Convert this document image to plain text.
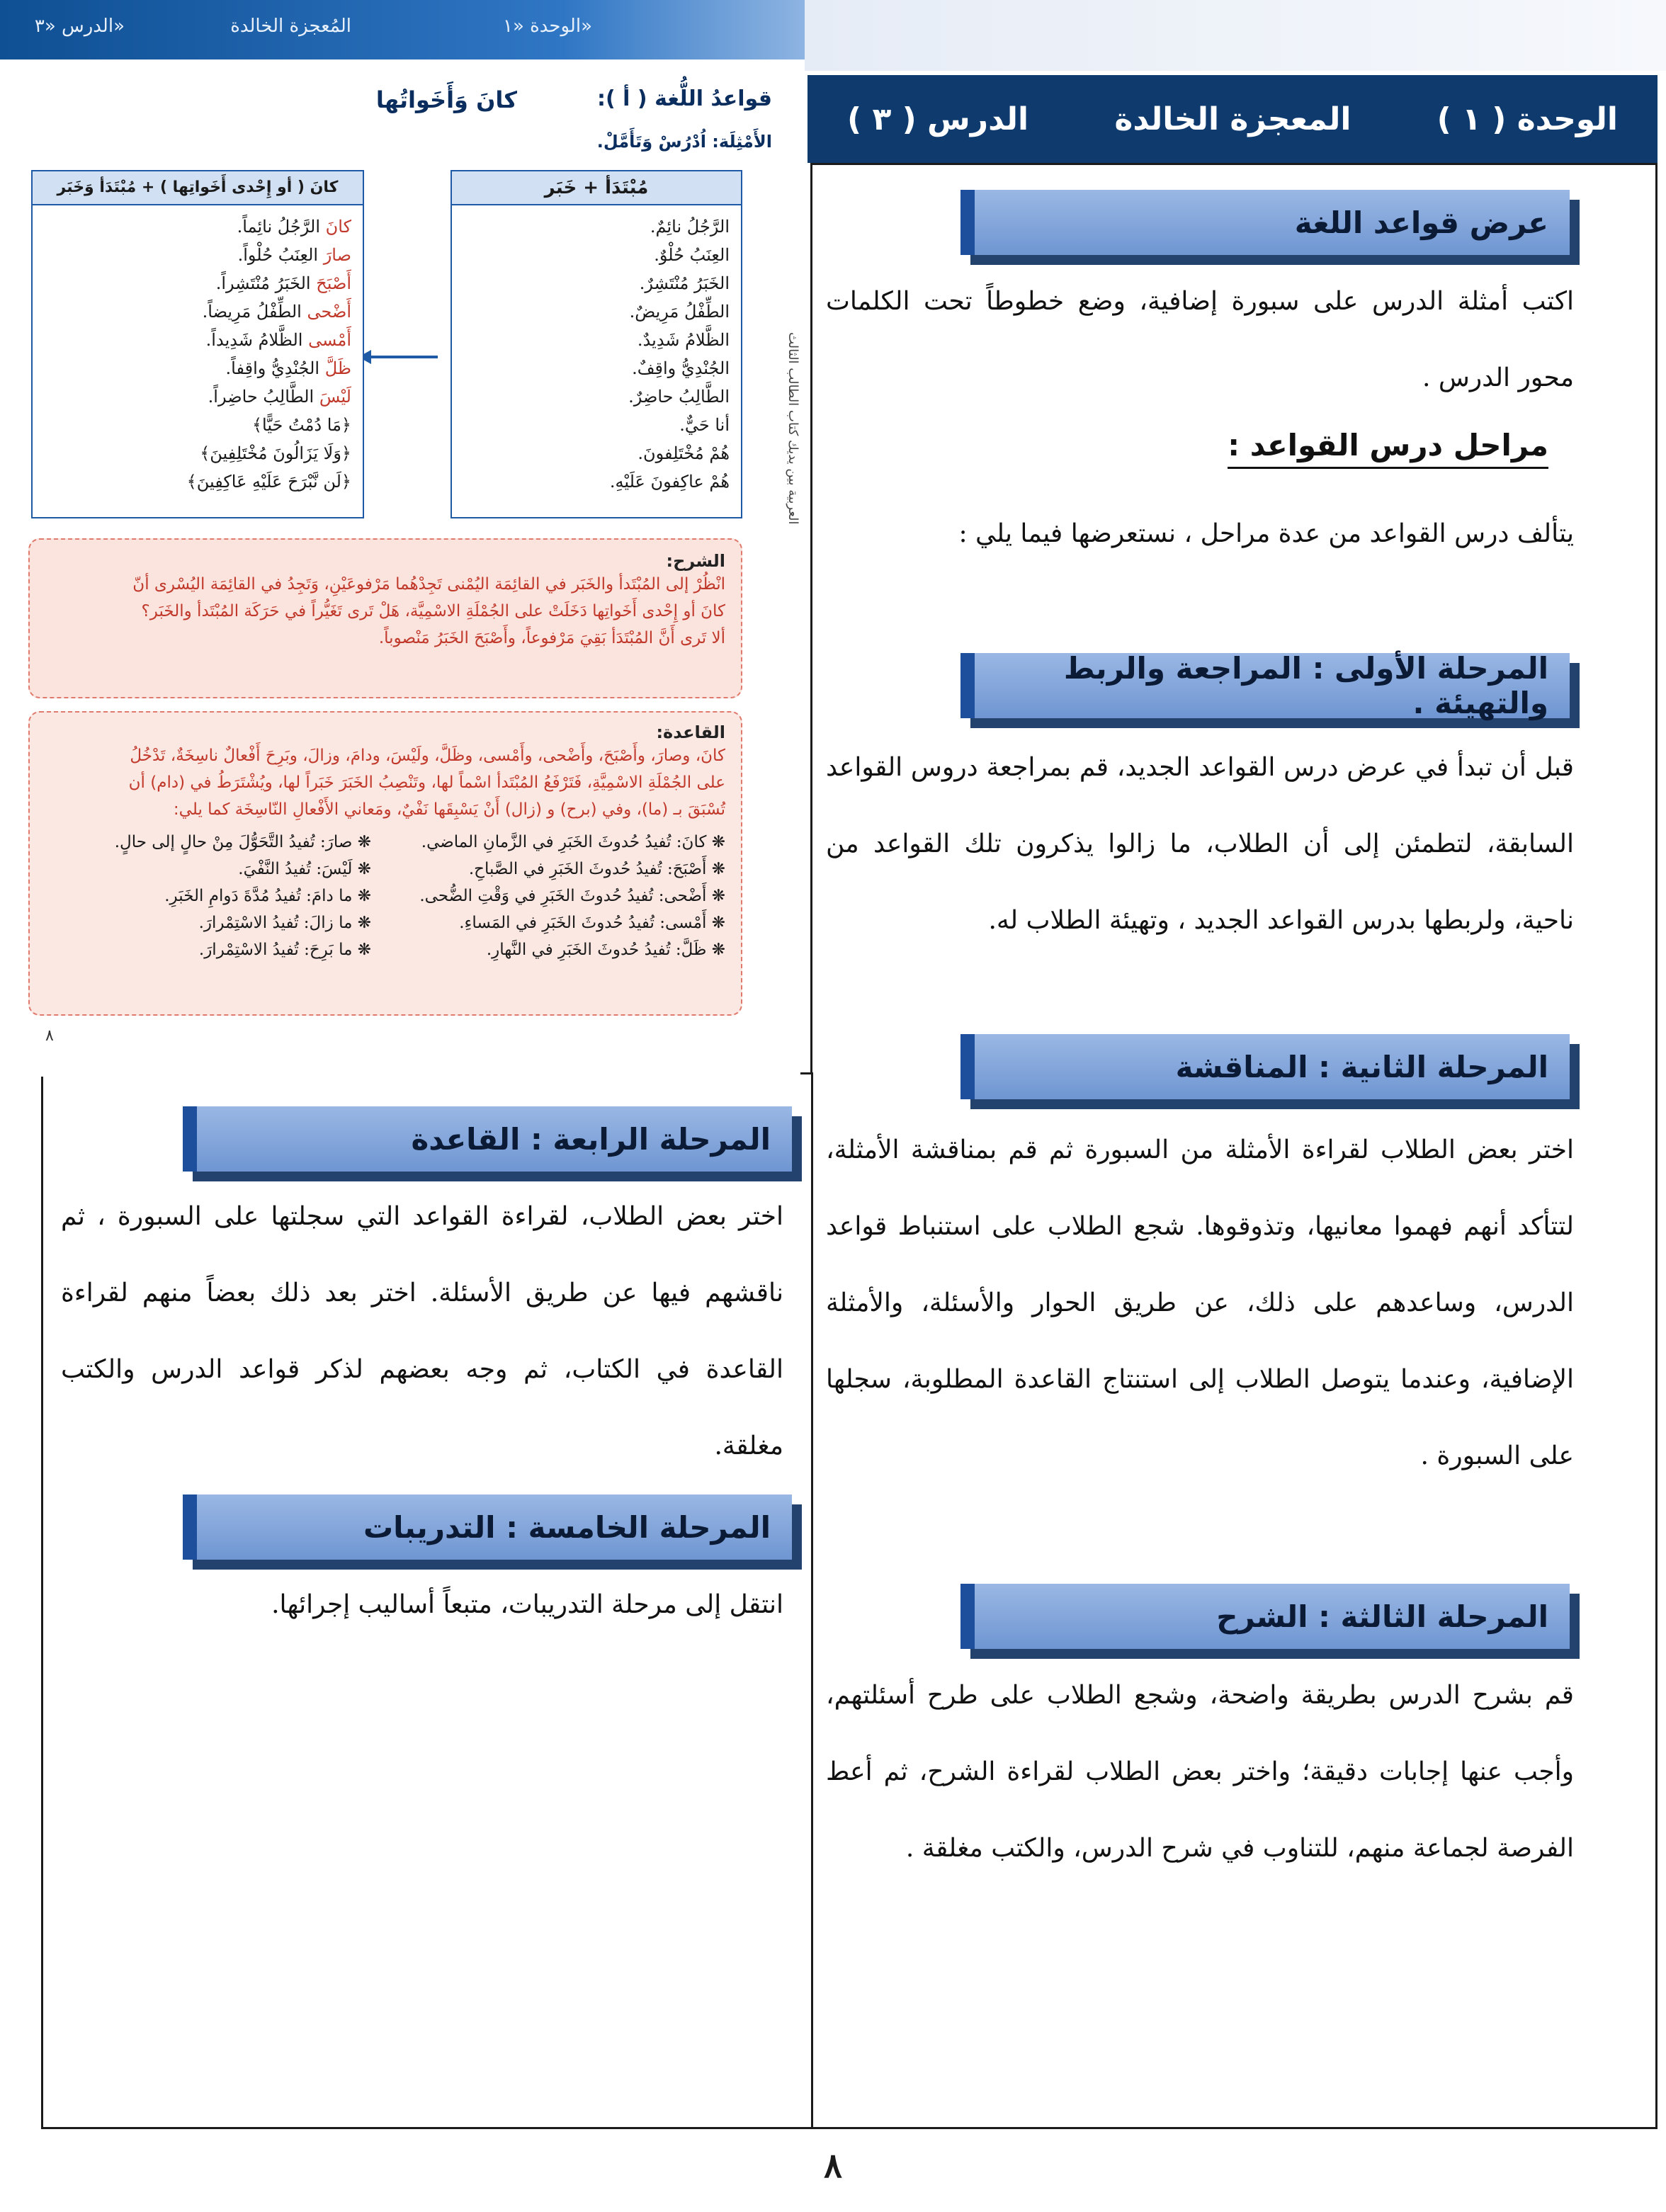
الوحدة «١»
المُعجزة الخالدة
الدرس «٣»
الوحدة ( ١ )
المعجزة الخالدة
الدرس ( ٣ )
قواعدُ اللُّغة ( أ ):
كانَ وَأَخَواتُها
الأَمْثِلَة: اُدْرُسْ وَتَأَمَّلْ.
العربية بين يديك كتاب الطالب الثالث
مُبْتَدَأ + خَبَر
الرَّجُلُ نائِمٌ.
العِنَبُ حُلْوٌ.
الخَبَرُ مُنْتَشِرٌ.
الطِّفْلُ مَرِيضٌ.
الظَّلامُ شَدِيدٌ.
الجُنْدِيُّ واقِفٌ.
الطَّالِبُ حاضِرٌ.
أنا حَيٌّ.
هُمْ مُخْتَلِفونَ.
هُمْ عاكِفونَ عَلَيْهِ.
كانَ ( أو إِحْدى أَخَواتِها ) + مُبْتَدَأ وَخَبَر
كانَ الرَّجُلُ نائِماً.
صارَ العِنَبُ حُلْواً.
أَصْبَحَ الخَبَرُ مُنْتَشِراً.
أَضْحى الطِّفْلُ مَرِيضاً.
أَمْسى الظَّلامُ شَدِيداً.
ظَلَّ الجُنْدِيُّ واقِفاً.
لَيْسَ الطَّالِبُ حاضِراً.
﴿مَا دُمْتُ حَيًّا﴾
﴿وَلَا يَزَالُونَ مُخْتَلِفِينَ﴾
﴿لَن نَّبْرَحَ عَلَيْهِ عَاكِفِينَ﴾
الشرح:
انْظُرْ إلى المُبْتَدأ والخَبَر في القائِمَة اليُمْنى تَجِدْهُما مَرْفوعَيْنِ، وَتَجِدُ في القائِمَة اليُسْرى أنّ
كانَ أو إِحْدى أَخَواتِها دَخَلَتْ على الجُمْلَةِ الاسْمِيَّة، هَلْ تَرى تَغَيُّراً في حَرَكَة المُبْتَدأ والخَبَر؟
ألا تَرى أَنَّ المُبْتَدَأ بَقِيَ مَرْفوعاً، وأَصْبَحَ الخَبَرُ مَنْصوباً.
القاعدة:
كانَ، وصارَ، وأَصْبَحَ، وأَضْحى، وأَمْسى، وظَلَّ، ولَيْسَ، ودامَ، وزالَ، وبَرِحَ أَفْعالٌ ناسِخَةٌ، تَدْخُلُ
على الجُمْلَةِ الاسْمِيَّةِ، فَتَرْفَعُ المُبْتَدأ اسْماً لها، وتَنْصِبُ الخَبَرَ خَبَراً لها، ويُشْتَرَطُ في (دام) أن
تُسْبَقَ بـ (ما)، وفي (برح) و (زال) أَنْ يَسْبِقَها نَفْيٌ، ومَعاني الأَفْعالِ النّاسِخَة كما يلي:
❋ كانَ: تُفيدُ حُدوثَ الخَبَرِ في الزَّمانِ الماضي.
❋ أَصْبَحَ: تُفيدُ حُدوثَ الخَبَرِ في الصَّباحِ.
❋ أَضْحى: تُفيدُ حُدوثَ الخَبَرِ في وَقْتِ الضُّحى.
❋ أَمْسى: تُفيدُ حُدوثَ الخَبَرِ في المَساءِ.
❋ ظَلَّ: تُفيدُ حُدوثَ الخَبَرِ في النَّهارِ.
❋ صارَ: تُفيدُ التَّحَوُّلَ مِنْ حالٍ إلى حالٍ.
❋ لَيْسَ: تُفيدُ النَّفْيَ.
❋ ما دامَ: تُفيدُ مُدَّةَ دَوامِ الخَبَرِ.
❋ ما زالَ: تُفيدُ الاسْتِمْرارَ.
❋ ما بَرِحَ: تُفيدُ الاسْتِمْرارَ.
٨
عرض قواعد اللغة
اكتب أمثلة الدرس على سبورة إضافية، وضع خطوطاً تحت الكلمات محور الدرس .
مراحل درس القواعد :
يتألف درس القواعد من عدة مراحل ، نستعرضها فيما يلي :
المرحلة الأولى : المراجعة والربط والتهيئة .
قبل أن تبدأ في عرض درس القواعد الجديد، قم بمراجعة دروس القواعد السابقة، لتطمئن إلى أن الطلاب، ما زالوا يذكرون تلك القواعد من ناحية، ولربطها بدرس القواعد الجديد ، وتهيئة الطلاب له.
المرحلة الثانية : المناقشة
اختر بعض الطلاب لقراءة الأمثلة من السبورة ثم قم بمناقشة الأمثلة، لتتأكد أنهم فهموا معانيها، وتذوقوها. شجع الطلاب على استنباط قواعد الدرس، وساعدهم على ذلك، عن طريق الحوار والأسئلة، والأمثلة الإضافية، وعندما يتوصل الطلاب إلى استنتاج القاعدة المطلوبة، سجلها على السبورة .
المرحلة الثالثة : الشرح
قم بشرح الدرس بطريقة واضحة، وشجع الطلاب على طرح أسئلتهم، وأجب عنها إجابات دقيقة؛ واختر بعض الطلاب لقراءة الشرح، ثم أعط الفرصة لجماعة منهم، للتناوب في شرح الدرس، والكتب مغلقة .
المرحلة الرابعة : القاعدة
اختر بعض الطلاب، لقراءة القواعد التي سجلتها على السبورة ، ثم ناقشهم فيها عن طريق الأسئلة. اختر بعد ذلك بعضاً منهم لقراءة القاعدة في الكتاب، ثم وجه بعضهم لذكر قواعد الدرس والكتب مغلقة.
المرحلة الخامسة : التدريبات
انتقل إلى مرحلة التدريبات، متبعاً أساليب إجرائها.
٨
